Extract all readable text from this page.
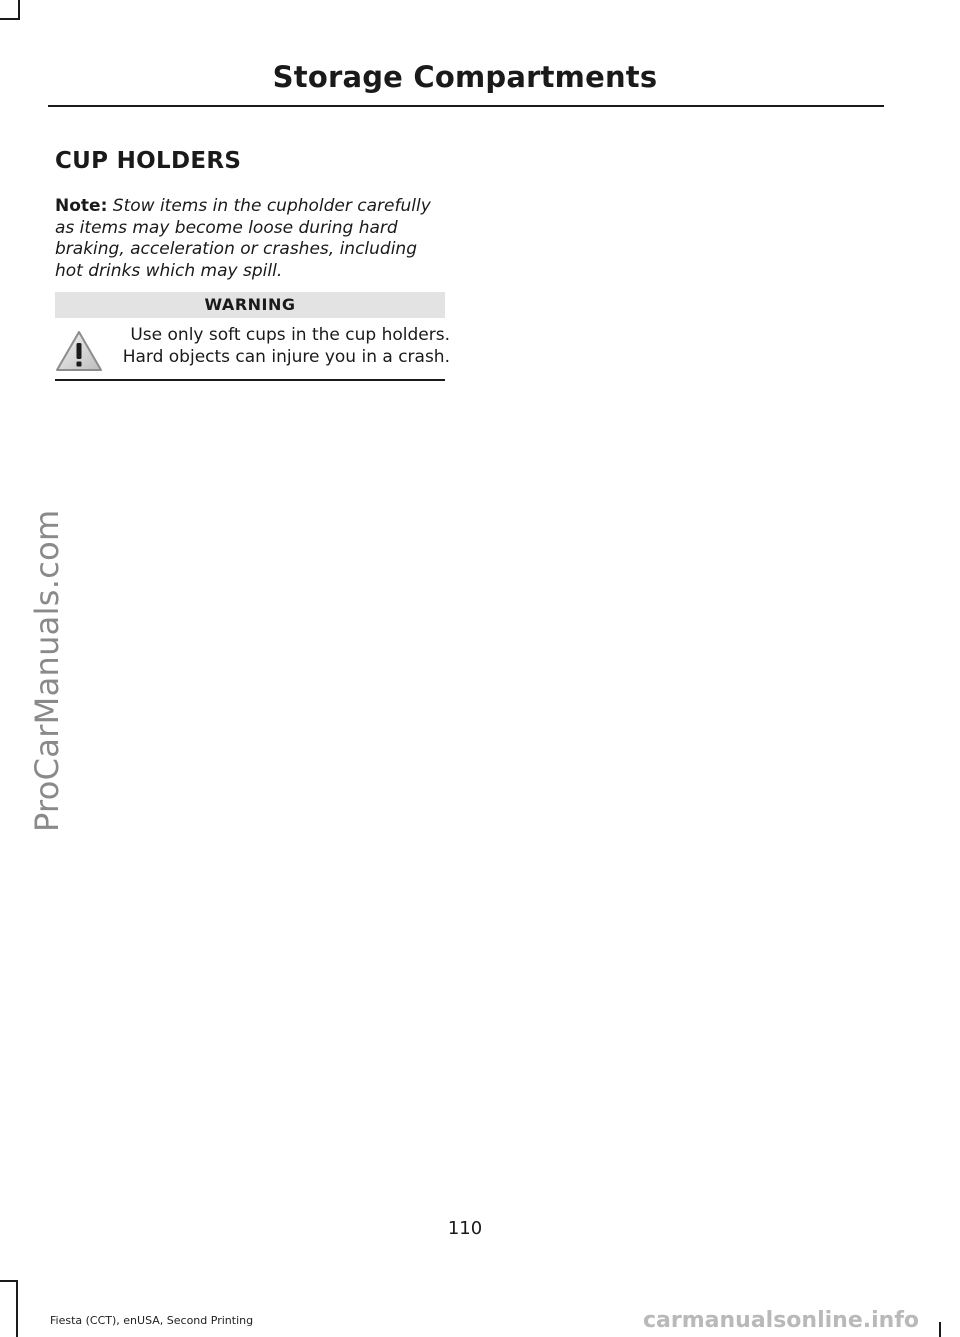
Storage Compartments
CUP HOLDERS
Note: Stow items in the cupholder carefully as items may become loose during hard braking, acceleration or crashes, including hot drinks which may spill.
WARNING
Use only soft cups in the cup holders. Hard objects can injure you in a crash.
ProCarManuals.com
110
Fiesta (CCT), enUSA, Second Printing	carmanualsonline.info
